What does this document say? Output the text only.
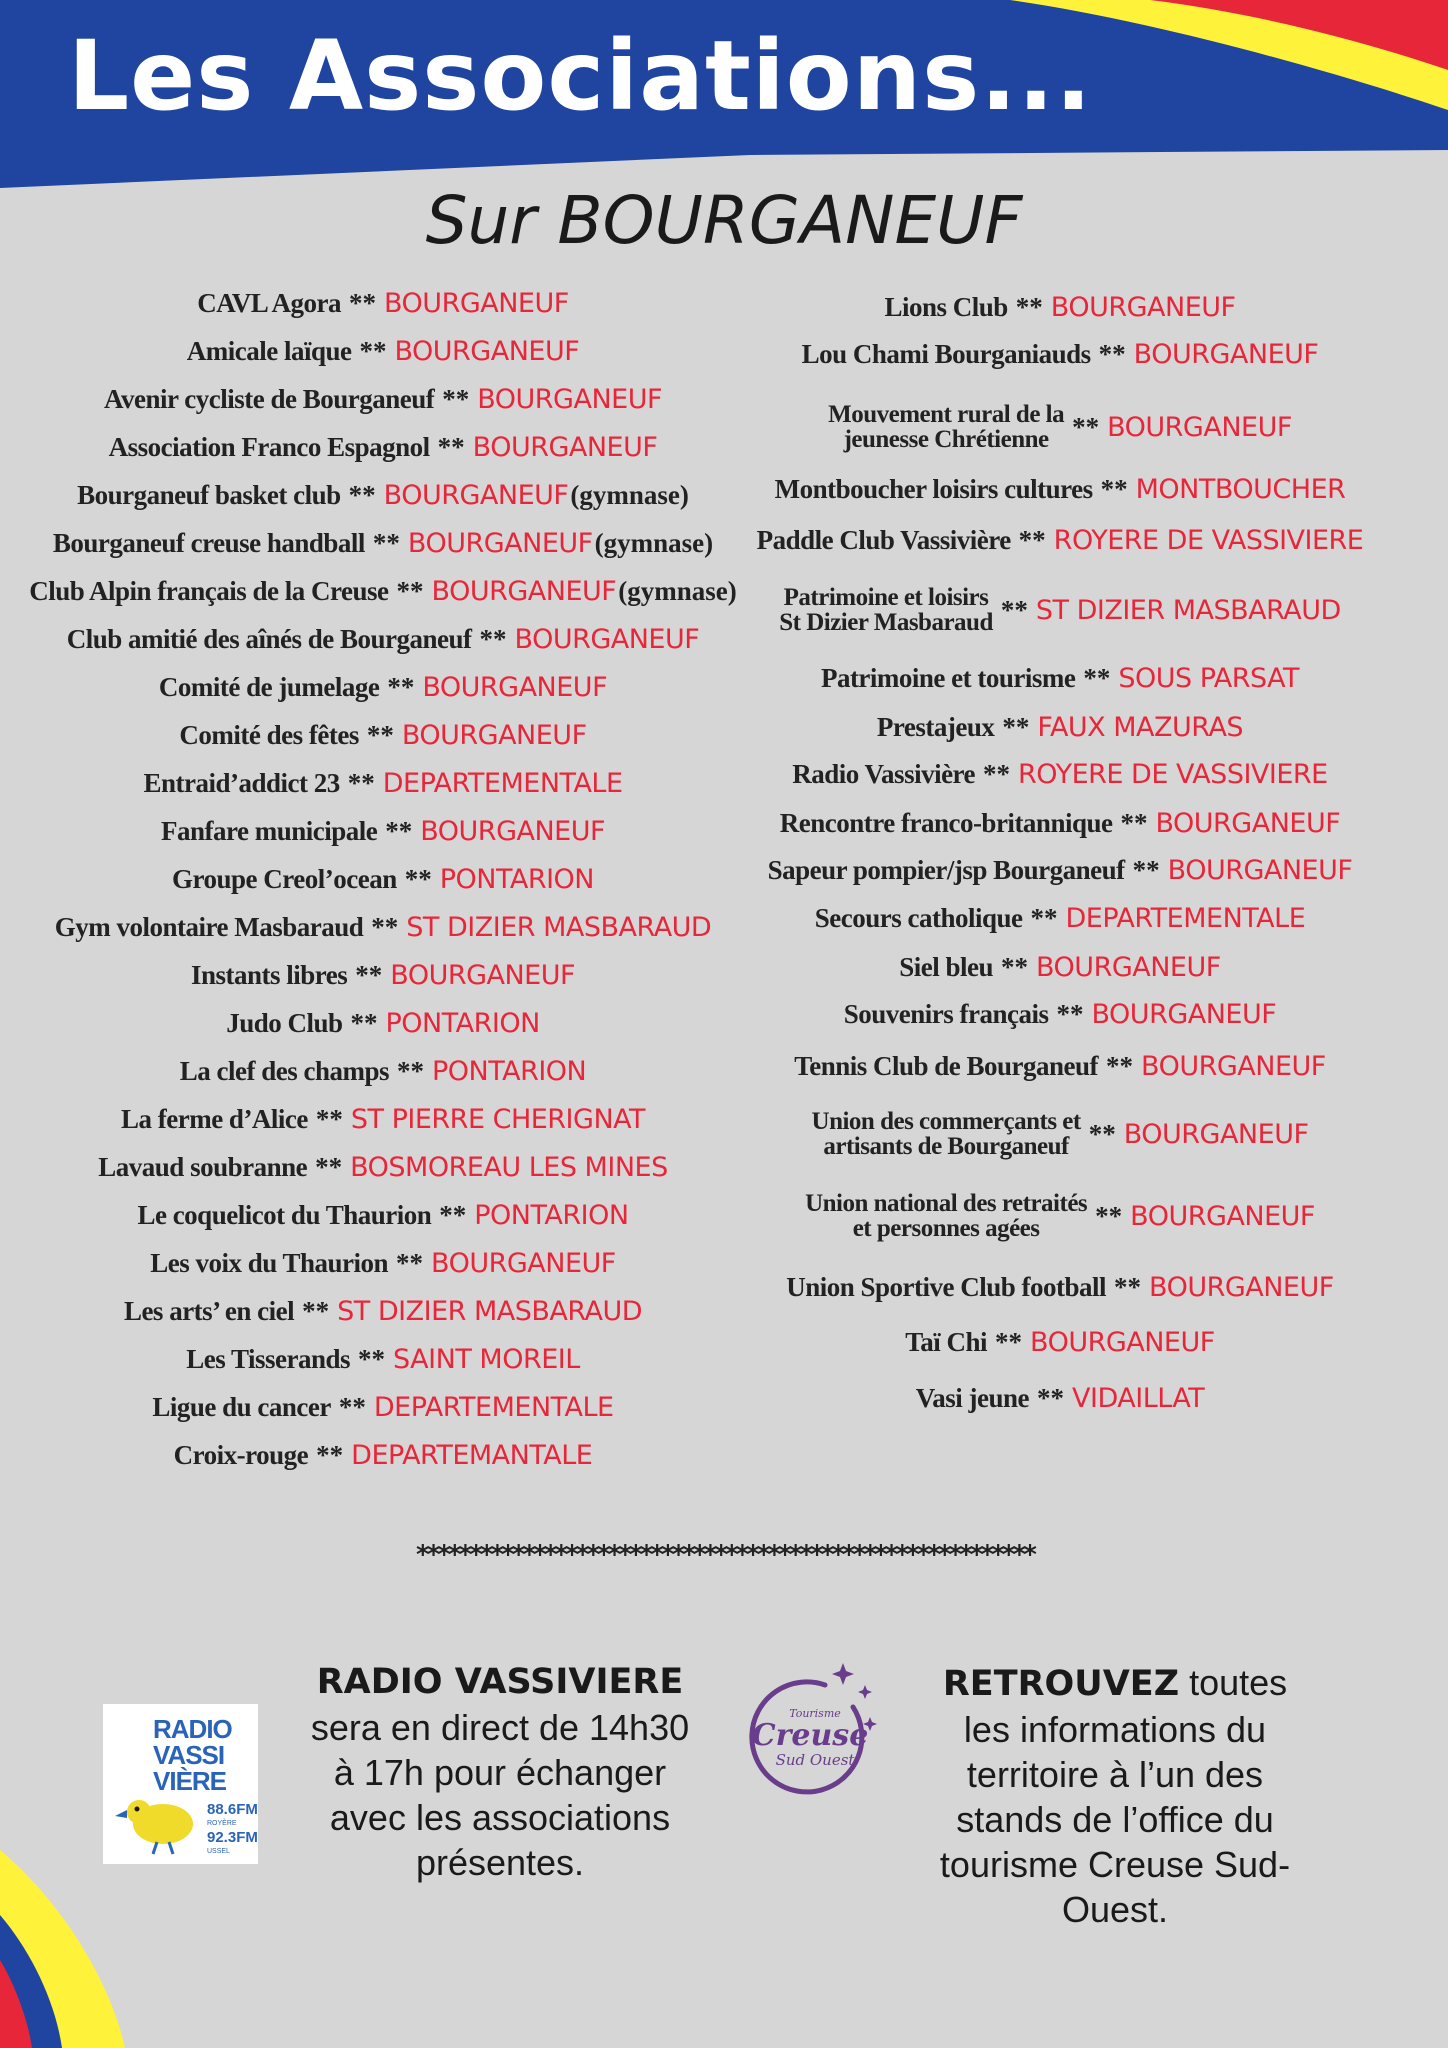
Les Associations...
Sur BOURGANEUF
CAVL Agora ** BOURGANEUF
Amicale laïque ** BOURGANEUF
Avenir cycliste de Bourganeuf ** BOURGANEUF
Association Franco Espagnol ** BOURGANEUF
Bourganeuf basket club ** BOURGANEUF (gymnase)
Bourganeuf creuse handball ** BOURGANEUF (gymnase)
Club Alpin français de la Creuse ** BOURGANEUF (gymnase)
Club amitié des aînés de Bourganeuf ** BOURGANEUF
Comité de jumelage ** BOURGANEUF
Comité des fêtes ** BOURGANEUF
Entraid’addict 23 ** DEPARTEMENTALE
Fanfare municipale ** BOURGANEUF
Groupe Creol’ocean ** PONTARION
Gym volontaire Masbaraud ** ST DIZIER MASBARAUD
Instants libres ** BOURGANEUF
Judo Club ** PONTARION
La clef des champs ** PONTARION
La ferme d’Alice ** ST PIERRE CHERIGNAT
Lavaud soubranne ** BOSMOREAU LES MINES
Le coquelicot du Thaurion ** PONTARION
Les voix du Thaurion ** BOURGANEUF
Les arts’ en ciel ** ST DIZIER MASBARAUD
Les Tisserands ** SAINT MOREIL
Ligue du cancer ** DEPARTEMENTALE
Croix-rouge ** DEPARTEMANTALE
Lions Club ** BOURGANEUF
Lou Chami Bourganiauds ** BOURGANEUF
Mouvement rural de la
jeunesse Chrétienne ** BOURGANEUF
Montboucher loisirs cultures ** MONTBOUCHER
Paddle Club Vassivière ** ROYERE DE VASSIVIERE
Patrimoine et loisirs
St Dizier Masbaraud ** ST DIZIER MASBARAUD
Patrimoine et tourisme ** SOUS PARSAT
Prestajeux ** FAUX MAZURAS
Radio Vassivière ** ROYERE DE VASSIVIERE
Rencontre franco-britannique ** BOURGANEUF
Sapeur pompier/jsp Bourganeuf ** BOURGANEUF
Secours catholique ** DEPARTEMENTALE
Siel bleu ** BOURGANEUF
Souvenirs français ** BOURGANEUF
Tennis Club de Bourganeuf ** BOURGANEUF
Union des commerçants et
artisants de Bourganeuf ** BOURGANEUF
Union national des retraités
et personnes agées	** BOURGANEUF
Union Sportive Club football ** BOURGANEUF
Taï Chi ** BOURGANEUF
Vasi jeune ** VIDAILLAT
**********************************************************
RADIO
VASSI
VIÈRE
88.6FM
ROYÈRE
92.3FM
USSEL
RADIO VASSIVIERE
sera en direct de 14h30
à 17h pour échanger
avec les associations
présentes.
Tourisme
Creuse
Sud Ouest
RETROUVEZ toutes
les informations du
territoire à l’un des
stands de l’office du
tourisme Creuse Sud-
Ouest.
